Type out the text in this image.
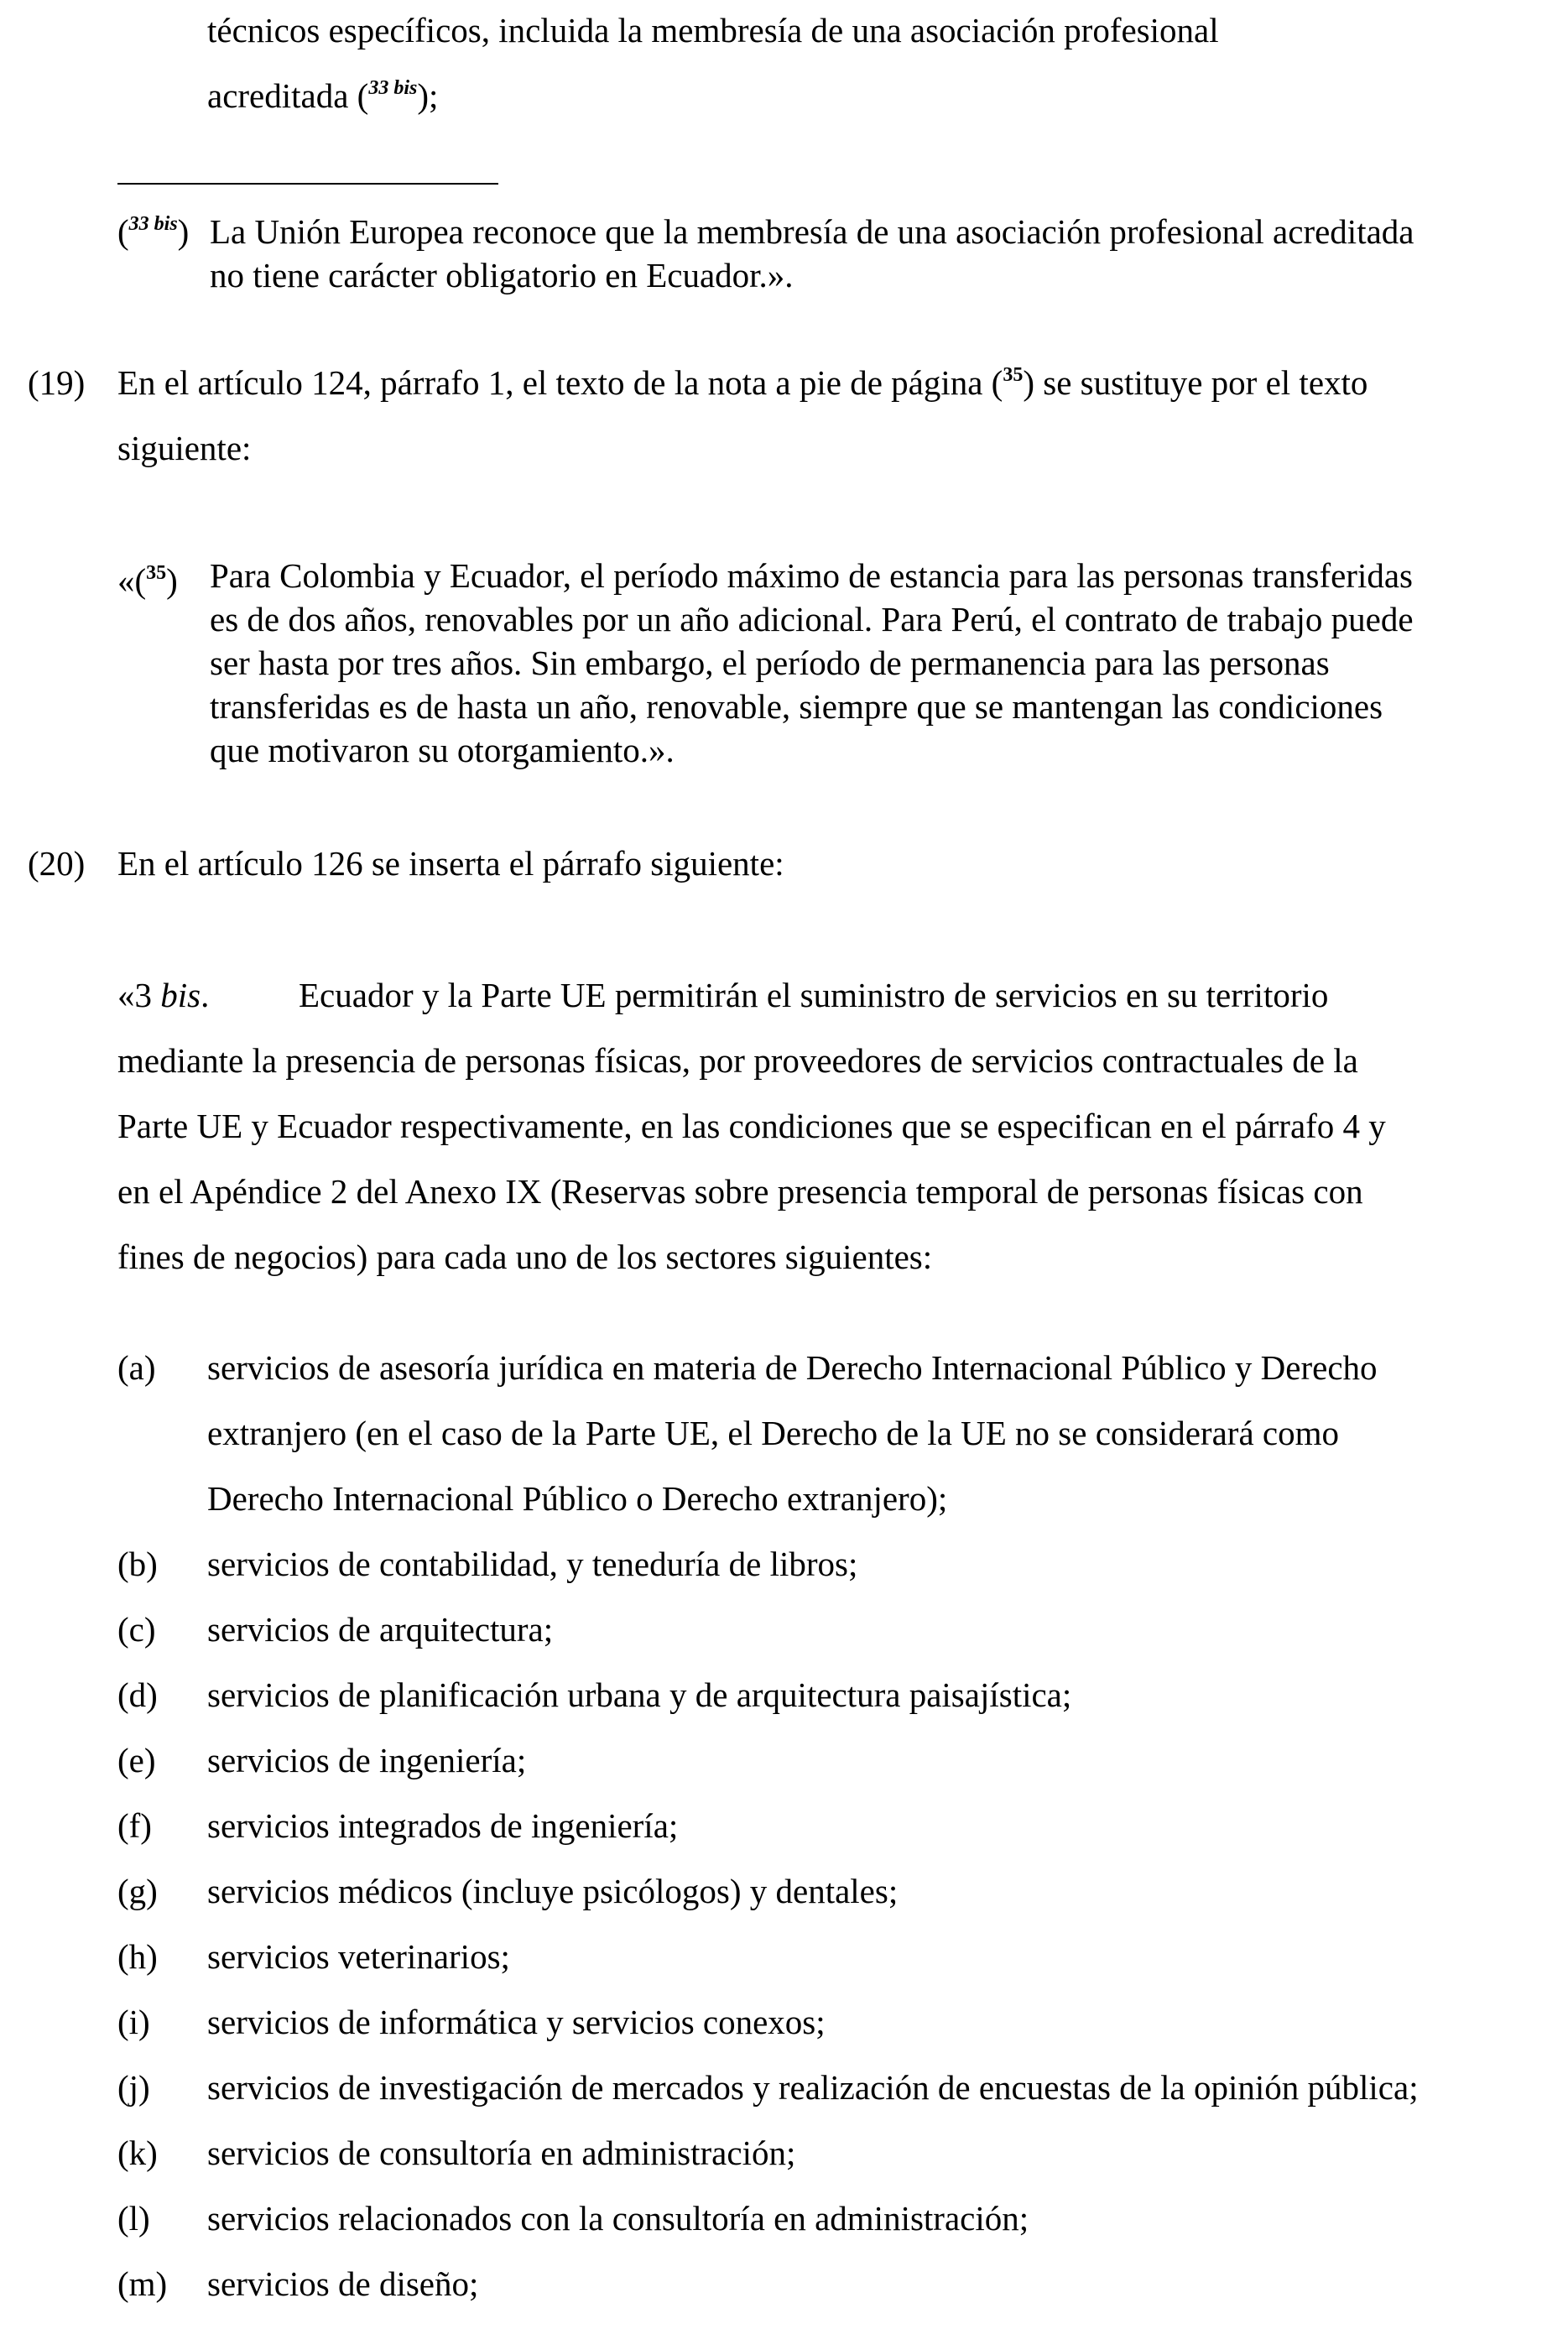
técnicos específicos, incluida la membresía de una asociación profesional
acreditada ($^{33 bis}$);
($^{33 bis}$) La Unión Europea reconoce que la membresía de una asociación profesional acreditada
no tiene carácter obligatorio en Ecuador.».
(19) En el artículo 124, párrafo 1, el texto de la nota a pie de página ($^{35}$) se sustituye por el texto
siguiente:
«($^{35}$) Para Colombia y Ecuador, el período máximo de estancia para las personas transferidas
es de dos años, renovables por un año adicional. Para Perú, el contrato de trabajo puede
ser hasta por tres años. Sin embargo, el período de permanencia para las personas
transferidas es de hasta un año, renovable, siempre que se mantengan las condiciones
que motivaron su otorgamiento.».
(20) En el artículo 126 se inserta el párrafo siguiente:
«3 bis.	Ecuador y la Parte UE permitirán el suministro de servicios en su territorio
mediante la presencia de personas físicas, por proveedores de servicios contractuales de la
Parte UE y Ecuador respectivamente, en las condiciones que se especifican en el párrafo 4 y
en el Apéndice 2 del Anexo IX (Reservas sobre presencia temporal de personas físicas con
fines de negocios) para cada uno de los sectores siguientes:
(a) servicios de asesoría jurídica en materia de Derecho Internacional Público y Derecho
extranjero (en el caso de la Parte UE, el Derecho de la UE no se considerará como
Derecho Internacional Público o Derecho extranjero);
(b) servicios de contabilidad, y teneduría de libros;
(c) servicios de arquitectura;
(d) servicios de planificación urbana y de arquitectura paisajística;
(e) servicios de ingeniería;
(f) servicios integrados de ingeniería;
(g) servicios médicos (incluye psicólogos) y dentales;
(h) servicios veterinarios;
(i) servicios de informática y servicios conexos;
(j) servicios de investigación de mercados y realización de encuestas de la opinión pública;
(k) servicios de consultoría en administración;
(l) servicios relacionados con la consultoría en administración;
(m) servicios de diseño;
